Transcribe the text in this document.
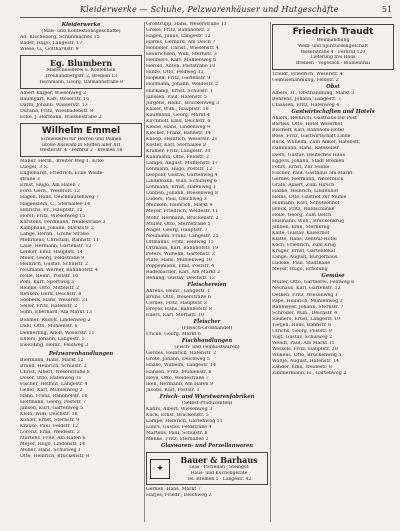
Kleiderwerke — Schuhe, Pelzwarenhäuser und Hutgeschäfte	51
Kleiderwerke
(Maß- und Konfektionsgeschäfte)
Ad. Kischeberg, Schuhmaches 15
Bader, Hugo, Langestr. 17
Wiese, G., Gotthardstr. 9
Eg. Blumbern
Maßschneiderei u. Konfektion
Treuhandbergstr. 2, Bremen 13
Tischmann, Georg, Dalmannstraße 8
Albert Kuiper, Wiesenweg 2
Baumgart, Karl, Weserstr. 16
Darm, Johann, Wasserstr. 13
Durand, Fritz, Wiesbadenstr. 8
Ecke, J. Hermann, Wiesenstraße 2
Wilhelm Emmel
Schneiderei für Herren und Damen
Große Auswahl in Stoffen aller Art
Westerstr. 4 · Fernruf 2 · Bremen 18
Maner, Herm., Breiter Weg 1, Ecke
Luegel, 3 S.
Engelhardt, Friedrich, Ecke Weide-
straße 3
Ernst, Hugo, Am Hafen 7
Ford. Gerh., Weserstr. 12
Hagen, Hans, Deichhausenweg 7
Hagenstein, C., Sternallee 14
Hinrichs, Fr., Hauptstr. 12
Horst, Fritz, Wiesenweg 15
Karstens, Ferdinand, Weidestraße 3
Kamphaus, Johann, Marktstr. 2
Lange, Bernh., Große Straße
Mehrkens, Christian, Bahnstr. 11
Laue, Hermann, Gartenstr. 12
Lenker, Emil, Hauptstr. 14
Meier, Georg, Feldstraße 9
Heinrich, Gustav, Schulstr. 2
Neumann, Werner, Bahnhofstr. 4
Nölle, Heinr., Poststr. 16
Pohl, Kurt, Sportweg 5
Reinke, Otto, Mittelstr. 2
Renken, Gerd, Deichstr. 8
Seebeck, Hans, Weserstr. 31
Seiler, Fritz, Hafenstr. 2
Sohn, Eberhard, Am Markt 13
Böhmer, Rudolf, Lindenweg 2
Dahl, Otto, Mühlenstr. 8
Dennerling, Adolf, Weserstr. 11
Ehlers, Johann, Langestr. 5
Ewerding, Heinr., Feldweg 3
Pelzwarenhandlungen
Biermann, Hans, Markt 12
Brand, Heinrich, Schulstr. 3
Christ, Albert, Weserstraße 8
Doser, Otto, Hafenweg 11
Fischer, Helmut, Langestr. 4
Geller, Karl, Mühlenweg 2
Hahn, Franz, Bahnhofstr. 16
Hoffmann, Georg, Poststr. 7
Jansen, Kurt, Gartenweg 5
Klein, Willi, Deichstr. 18
Köhler, Ernst, Sternstr. 9
Krause, Paul, Feldstr. 12
Lorenz, Emil, Weidestr. 3
Martens, Fritz, Am Hafen 6
Meyer, Hugo, Lindenstr. 14
Möller, Hans, Schulweg 1
Otte, Heinrich, Brückenstr. 8
Großtrupp, Hans, Weserstraße 11
Große, Fritz, Bahnhofstr. 2
Hagen, Julius, Langestr. 12
Harms, Gerhard, Am Deich 7
Hebbeler, Christ., Wiesenstr. 4
Heinrichsen, Willi, Sternstr. 3
Hellmers, Karl, Mühlenweg 6
Herold, Anton, Poststraße 10
Hinze, Otto, Feldweg 12
Höpken, Fritz, Gartenstr. 9
Hollmann, Johann, Weidestr. 2
Hurkamp, Ernst, Schulstr. 1
Janssen, Paul, Hafenstr. 5
Jürgens, Heinr., Brückenweg 3
Kaiser, Wilh., Hauptstr. 18
Kaufmann, Georg, Markt 4
Kirchhoff, Emil, Deichstr. 6
Kleine, Hans, Lindenweg 9
Klöcker, Franz, Bahnstr. 14
Knoop, Heinrich, Weserstr. 21
Köster, Karl, Sternallee 8
Kramer, Fritz, Langestr. 30
Kuhlmann, Otto, Feldstr. 2
Lampe, August, Mühlenstr. 17
Lehmann, Hugo, Poststr. 12
Leopold, Gustav, Gartenweg 4
Lindemann, Willi, Schulweg 6
Lohmann, Ernst, Hafenweg 1
Lübben, Johann, Wiesenweg 8
Lüders, Paul, Deichweg 3
Meinken, Heinrich, Markt 9
Meyer, Friedrich, Weidestr. 11
Mohr, Hermann, Brückenstr. 2
Müller, Otto, Sternstraße 5
Nagel, Georg, Hauptstr. 7
Neumann, Franz, Langestr. 25
Oltmanns, Fritz, Feldweg 15
Ortmann, Karl, Bahnhofstr. 19
Peters, Wilhelm, Gartenstr. 3
Plate, Hans, Mühlenweg 10
Pöppelmann, Emil, Poststr. 4
Rademacher, Karl, Am Markt 2
Rehling, Gustav, Deichstr. 12
Fleischereien
Ahrens, Heinr., Langestr. 1
Bruns, Otto, Weserstraße 6
Cordes, Fritz, Hauptstr. 3
Dreyer, Hans, Bahnhofstr. 8
Eilers, Karl, Sternstr. 10
Fleischer
(Fleisch-Großhandel)
Fricke, Georg, Markt 6
Fischhandlungen
(Fisch- und Feinkostwaren)
Gerdes, Heinrich, Hafenstr. 2
Grote, Johann, Deichweg 5
Haase, Wilhelm, Langestr. 14
Hansen, Fritz, Mühlenstr. 8
Heye, Otto, Weidestraße 7
Iken, Hermann, Am Hafen 9
Jacobs, Karl, Poststr. 1
Frisch- und Wurstwarenfabriken
(Selbst-Produzenten)
Kahrs, Albert, Wiesenweg 3
Kück, Ernst, Brückenstr. 5
Lampe, Heinrich, Gartenweg 11
Lührs, Gustav, Feldstraße 4
Martens, Paul, Schulstr. 8
Menke, Fritz, Sternallee 2
Glaswaren- und Porzellanwaren
✦
Bauer & Barhaus
Glas · Porzellan · Steingut
Haus- und Küchengeräte
Tel. Bremen 5 · Langestr. 42
Gerken, Hans, Markt 7
Harjes, Friedr., Deichweg 2
Friedrich Traudt
Weinhandlung
Wein- und Spirituosengeschäft
Weserstraße 4 · Fernruf 120
Lieferung frei Haus
Bremen · Vegesack · Blumenthal
Traudt, Friedrich, Weserstr. 4
Gemüsehandlung, Feldstr. 2
Obst
Albers, H., Obsthandlung, Markt 3
Behrens, Johann, Langestr. 7
Claassen, Fritz, Hafenweg 4
Gastwirtschaften und Hotels
Ahlers, Heinrich, Gasthaus zur Post
Bartels, Otto, Hotel Weserhof
Bischoff, Karl, Bahnhofs-Hotel
Böse, Fritz, Gastwirtschaft Linde
Buck, Wilhelm, Zum Anker, Hafenstr.
Dammann, Hans, Ratskeller
Diers, Gustav, Deutsches Haus
Eggers, Johann, Stadt Bremen
Fehrs, Ernst, Zur Sonne
Fischer, Paul, Gasthaus am Markt
Gerdes, Hermann, Weserblick
Grafe, Albert, Zum Hirsch
Haake, Heinrich, Lindenhof
Heins, Otto, Gasthof zur Mühle
Hillmann, Karl, Schützenhof
Hinck, Fritz, Waldschänke
Holle, Georg, Zum Deich
Husmann, Wilh., Brückenkrug
Janßen, Emil, Sternkrug
Kalte, Gustav, Kaiserhof
Klatte, Hans, Zentral-Hotel
Koch, Friedrich, Zum Krug
Krüger, Ernst, Gartenlokal
Lange, August, Bürgerhaus
Lüdeke, Paul, Stadthalle
Meyer, Hugo, Erholung
Gemüse
Müller, Otto, Gärtnerei, Feldweg 6
Neuhaus, Karl, Gartenstr. 12
Oetken, Fritz, Wiesenweg 1
Pape, Heinrich, Mühlenweg 3
Rahmeyer, Johann, Sternstr. 7
Schröder, Wilh., Deichstr. 4
Siemers, Ernst, Langestr. 19
Tietjen, Hans, Bahnstr. 6
Ulrichs, Georg, Poststr. 9
Vogt, Gustav, Schulweg 2
Wendt, Paul, Am Markt 11
Wessels, Fritz, Hauptstr. 20
Wilkens, Otto, Brückenweg 5
Wöltje, August, Hafenstr. 14
Zander, Emil, Weidestr. 8
Zimmermann, H., Gartenweg 2
